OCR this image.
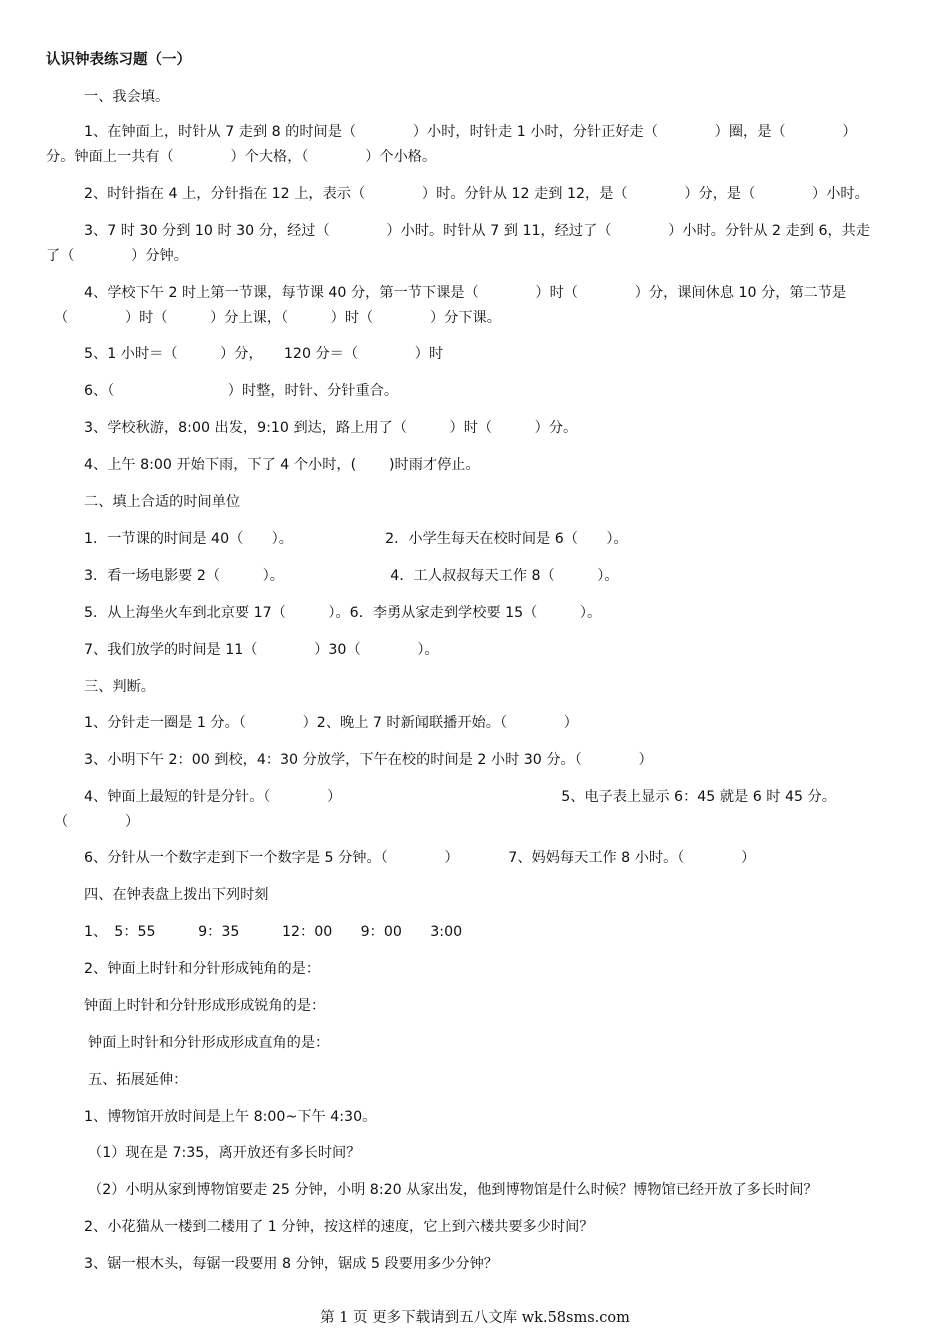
认识钟表练习题（一）
一、我会填。
1、在钟面上，时针从 7 走到 8 的时间是（　　　　）小时，时针走 1 小时，分针正好走（　　　　）圈，是（　　　　）
分。钟面上一共有（　　　　）个大格，（　　　　）个小格。
2、时针指在 4 上，分针指在 12 上，表示（　　　　）时。分针从 12 走到 12，是（　　　　）分，是（　　　　）小时。
3、7 时 30 分到 10 时 30 分，经过（　　　　）小时。时针从 7 到 11，经过了（　　　　）小时。分针从 2 走到 6，共走
了（　　　　）分钟。
4、学校下午 2 时上第一节课，每节课 40 分，第一节下课是（　　　　）时（　　　　）分，课间休息 10 分，第二节是
（　　　　）时（　　　）分上课，（　　　）时（　　　　）分下课。
5、1 小时＝（　　　）分，　　120 分＝（　　　　）时
6、（　　　　　　　　）时整，时针、分针重合。
3、学校秋游，8:00 出发，9:10 到达，路上用了（　　　）时（　　　）分。
4、上午 8:00 开始下雨，下了 4 个小时，(　　 )时雨才停止。
二、填上合适的时间单位
1．一节课的时间是 40（　　）。　　　　　　　2．小学生每天在校时间是 6（　　）。
3．看一场电影要 2（　　　）。　　　　　　　　4．工人叔叔每天工作 8（　　　）。
5．从上海坐火车到北京要 17（　　　）。6．李勇从家走到学校要 15（　　　）。
7、我们放学的时间是 11（　　　　）30（　　　　）。
三、判断。
1、分针走一圈是 1 分。（　　　　）2、晚上 7 时新闻联播开始。（　　　　）
3、小明下午 2：00 到校，4：30 分放学，下午在校的时间是 2 小时 30 分。（　　　　）
4、钟面上最短的针是分针。（　　　　）　　　　　　　　　　　　　　　　5、电子表上显示 6：45 就是 6 时 45 分。
（　　　　）
6、分针从一个数字走到下一个数字是 5 分钟。（　　　　）　　　　7、妈妈每天工作 8 小时。（　　　　）
四、在钟表盘上拨出下列时刻
1、　5：55　　　9：35　　　12：00　　9：00　　3:00
2、钟面上时针和分针形成钝角的是：
钟面上时针和分针形成形成锐角的是：
钟面上时针和分针形成形成直角的是：
五、拓展延伸：
1、博物馆开放时间是上午 8:00~下午 4:30。
（1）现在是 7:35，离开放还有多长时间？
（2）小明从家到博物馆要走 25 分钟，小明 8:20 从家出发，他到博物馆是什么时候？博物馆已经开放了多长时间？
2、小花猫从一楼到二楼用了 1 分钟，按这样的速度，它上到六楼共要多少时间？
3、锯一根木头，每锯一段要用 8 分钟，锯成 5 段要用多少分钟？
第 1 页 更多下载请到五八文库 wk.58sms.com
